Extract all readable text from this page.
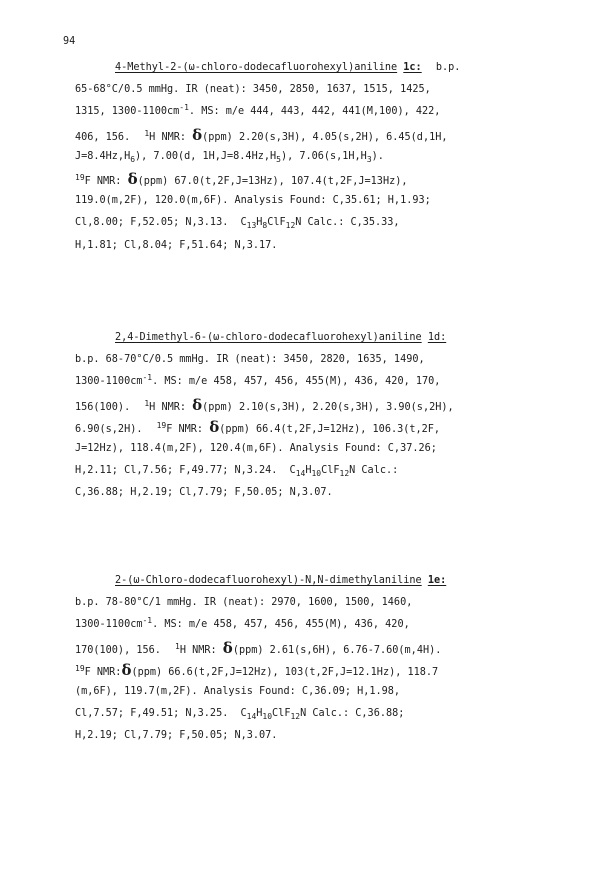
94
4-Methyl-2-(ω-chloro-dodecafluorohexyl)aniline 1c: b.p.
65-68°C/0.5 mmHg. IR (neat): 3450, 2850, 1637, 1515, 1425,
1315, $1300-1100cm^{-1}$. MS: m/e 444, 443, 442, 441(M,100), 422,
406, 156. $^1$H NMR: δ(ppm) 2.20(s,3H), 4.05(s,2H), 6.45(d,1H,
$J=8.4Hz,H_6$), 7.00(d, $1H,J=8.4Hz,H_5$), $7.06(s,1H,H_3)$.
$^{19}$F NMR: δ(ppm) 67.0(t,2F,J=13Hz), 107.4(t,2F,J=13Hz),
119.0(m,2F), 120.0(m,6F). Analysis Found: C,35.61; H,1.93;
Cl,8.00; F,52.05; N,3.13. $C_{13}H_8ClF_{12}N$ Calc.: C,35.33,
H,1.81; Cl,8.04; F,51.64; N,3.17.
2,4-Dimethyl-6-(ω-chloro-dodecafluorohexyl)aniline 1d:
b.p. 68-70°C/0.5 mmHg. IR (neat): 3450, 2820, 1635, 1490,
$1300-1100cm^{-1}$. MS: m/e 458, 457, 456, 455(M), 436, 420, 170,
156(100). $^1$H NMR: δ(ppm) 2.10(s,3H), 2.20(s,3H), 3.90(s,2H),
6.90(s,2H). $^{19}$F NMR: δ(ppm) 66.4(t,2F,J=12Hz), 106.3(t,2F,
J=12Hz), 118.4(m,2F), 120.4(m,6F). Analysis Found: C,37.26;
H,2.11; Cl,7.56; F,49.77; N,3.24. $C_{14}H_{10}ClF_{12}N$ Calc.:
C,36.88; H,2.19; Cl,7.79; F,50.05; N,3.07.
2-(ω-Chloro-dodecafluorohexyl)-N,N-dimethylaniline 1e:
b.p. 78-80°C/1 mmHg. IR (neat): 2970, 1600, 1500, 1460,
$1300-1100cm^{-1}$. MS: m/e 458, 457, 456, 455(M), 436, 420,
170(100), 156. $^1$H NMR: δ(ppm) 2.61(s,6H), 6.76-7.60(m,4H).
$^{19}$F NMR:δ(ppm) 66.6(t,2F,J=12Hz), 103(t,2F,J=12.1Hz), 118.7
(m,6F), 119.7(m,2F). Analysis Found: C,36.09; H,1.98,
Cl,7.57; F,49.51; N,3.25. $C_{14}H_{10}ClF_{12}N$ Calc.: C,36.88;
H,2.19; Cl,7.79; F,50.05; N,3.07.
